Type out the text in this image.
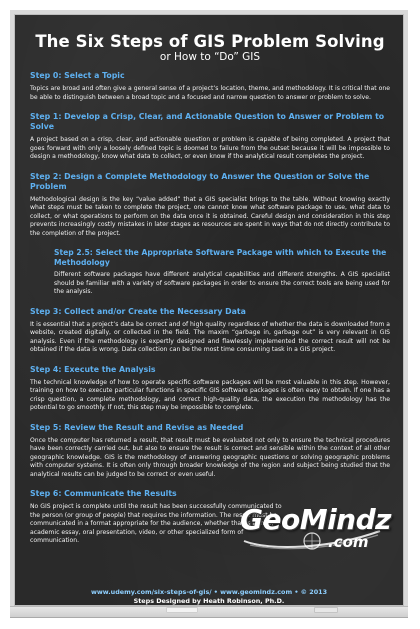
The Six Steps of GIS Problem Solving
or How to “Do” GIS
Step 0: Select a Topic

Topics are broad and often give a general sense of a project’s location, theme, and methodology. It is critical that one be able to distinguish between a broad topic and a focused and narrow question to answer or problem to solve.

Step 1: Develop a Crisp, Clear, and Actionable Question to Answer or Problem to Solve

A project based on a crisp, clear, and actionable question or problem is capable of being completed. A project that goes forward with only a loosely defined topic is doomed to failure from the outset because it will be impossible to design a methodology, know what data to collect, or even know if the analytical result completes the project.

Step 2: Design a Complete Methodology to Answer the Question or Solve the Problem

Methodological design is the key “value added” that a GIS specialist brings to the table. Without knowing exactly what steps must be taken to complete the project, one cannot know what software package to use, what data to collect, or what operations to perform on the data once it is obtained. Careful design and consideration in this step prevents increasingly costly mistakes in later stages as resources are spent in ways that do not directly contribute to the completion of the project.

Step 2.5: Select the Appropriate Software Package with which to Execute the Methodology

Different software packages have different analytical capabilities and different strengths. A GIS specialist should be familiar with a variety of software packages in order to ensure the correct tools are being used for the analysis.

Step 3: Collect and/or Create the Necessary Data

It is essential that a project’s data be correct and of high quality regardless of whether the data is downloaded from a website, created digitally, or collected in the field. The maxim “garbage in, garbage out” is very relevant in GIS analysis. Even if the methodology is expertly designed and flawlessly implemented the correct result will not be obtained if the data is wrong. Data collection can be the most time consuming task in a GIS project.

Step 4: Execute the Analysis

The technical knowledge of how to operate specific software packages will be most valuable in this step. However, training on how to execute particular functions in specific GIS software packages is often easy to obtain. If one has a crisp question, a complete methodology, and correct high-quality data, the execution the methodology has the potential to go smoothly. If not, this step may be impossible to complete.

Step 5: Review the Result and Revise as Needed

Once the computer has returned a result, that result must be evaluated not only to ensure the technical procedures have been correctly carried out, but also to ensure the result is correct and sensible within the context of all other geographic knowledge. GIS is the methodology of answering geographic questions or solving geographic problems with computer systems. It is often only through broader knowledge of the region and subject being studied that the analytical results can be judged to be correct or even useful.

Step 6: Communicate the Results

No GIS project is complete until the result has been successfully communicated to the person (or group of people) that requires the information. The result must be communicated in a format appropriate for the audience, whether that is a map, academic essay, oral presentation, video, or other specialized form of communication.

GeoMindz
.com
www.udemy.com/six-steps-of-gis/ • www.geomindz.com • © 2013
Steps Designed by Heath Robinson, Ph.D.
